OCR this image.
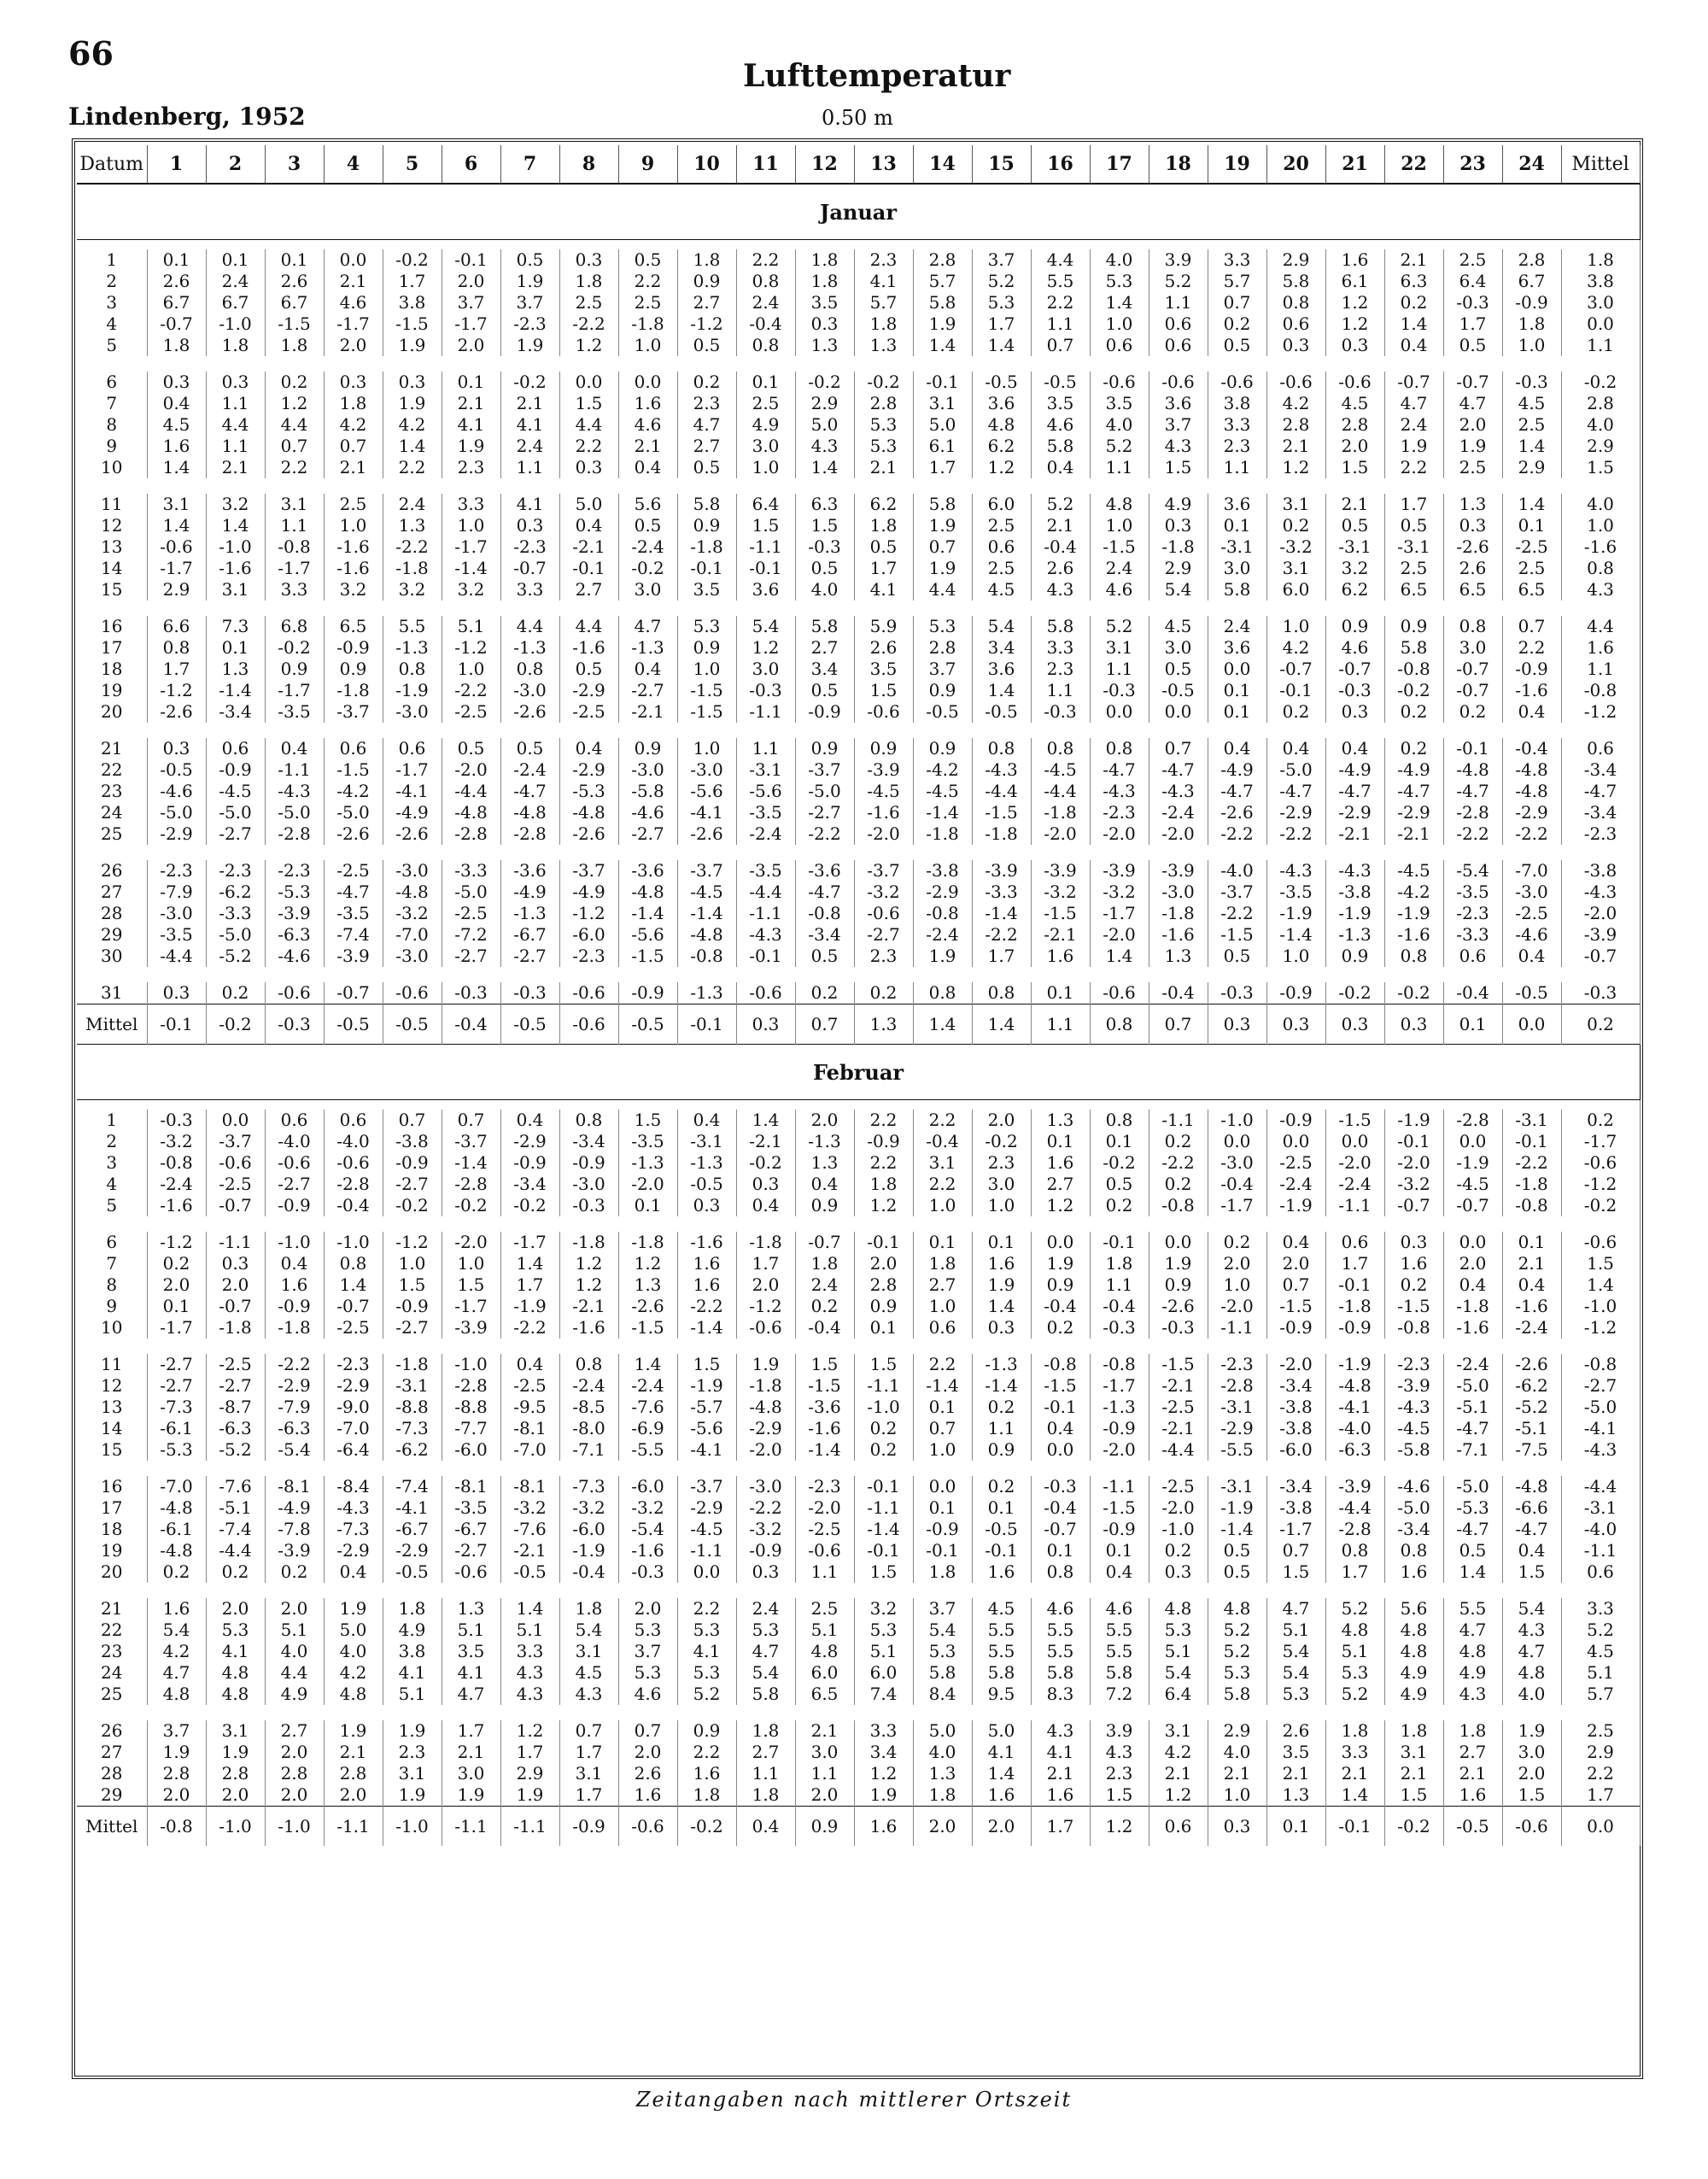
66
Lufttemperatur
Lindenberg, 1952	0.50 m
Datum	1	2	3	4	5	6	7	8	9	10	11	12	13	14	15	16	17	18	19	20	21	22	23	24	Mittel
Januar																									

1	0.1	0.1	0.1	0.0	-0.2	-0.1	0.5	0.3	0.5	1.8	2.2	1.8	2.3	2.8	3.7	4.4	4.0	3.9	3.3	2.9	1.6	2.1	2.5	2.8	1.8
2	2.6	2.4	2.6	2.1	1.7	2.0	1.9	1.8	2.2	0.9	0.8	1.8	4.1	5.7	5.2	5.5	5.3	5.2	5.7	5.8	6.1	6.3	6.4	6.7	3.8
3	6.7	6.7	6.7	4.6	3.8	3.7	3.7	2.5	2.5	2.7	2.4	3.5	5.7	5.8	5.3	2.2	1.4	1.1	0.7	0.8	1.2	0.2	-0.3	-0.9	3.0
4	-0.7	-1.0	-1.5	-1.7	-1.5	-1.7	-2.3	-2.2	-1.8	-1.2	-0.4	0.3	1.8	1.9	1.7	1.1	1.0	0.6	0.2	0.6	1.2	1.4	1.7	1.8	0.0
5	1.8	1.8	1.8	2.0	1.9	2.0	1.9	1.2	1.0	0.5	0.8	1.3	1.3	1.4	1.4	0.7	0.6	0.6	0.5	0.3	0.3	0.4	0.5	1.0	1.1

6	0.3	0.3	0.2	0.3	0.3	0.1	-0.2	0.0	0.0	0.2	0.1	-0.2	-0.2	-0.1	-0.5	-0.5	-0.6	-0.6	-0.6	-0.6	-0.6	-0.7	-0.7	-0.3	-0.2
7	0.4	1.1	1.2	1.8	1.9	2.1	2.1	1.5	1.6	2.3	2.5	2.9	2.8	3.1	3.6	3.5	3.5	3.6	3.8	4.2	4.5	4.7	4.7	4.5	2.8
8	4.5	4.4	4.4	4.2	4.2	4.1	4.1	4.4	4.6	4.7	4.9	5.0	5.3	5.0	4.8	4.6	4.0	3.7	3.3	2.8	2.8	2.4	2.0	2.5	4.0
9	1.6	1.1	0.7	0.7	1.4	1.9	2.4	2.2	2.1	2.7	3.0	4.3	5.3	6.1	6.2	5.8	5.2	4.3	2.3	2.1	2.0	1.9	1.9	1.4	2.9
10	1.4	2.1	2.2	2.1	2.2	2.3	1.1	0.3	0.4	0.5	1.0	1.4	2.1	1.7	1.2	0.4	1.1	1.5	1.1	1.2	1.5	2.2	2.5	2.9	1.5

11	3.1	3.2	3.1	2.5	2.4	3.3	4.1	5.0	5.6	5.8	6.4	6.3	6.2	5.8	6.0	5.2	4.8	4.9	3.6	3.1	2.1	1.7	1.3	1.4	4.0
12	1.4	1.4	1.1	1.0	1.3	1.0	0.3	0.4	0.5	0.9	1.5	1.5	1.8	1.9	2.5	2.1	1.0	0.3	0.1	0.2	0.5	0.5	0.3	0.1	1.0
13	-0.6	-1.0	-0.8	-1.6	-2.2	-1.7	-2.3	-2.1	-2.4	-1.8	-1.1	-0.3	0.5	0.7	0.6	-0.4	-1.5	-1.8	-3.1	-3.2	-3.1	-3.1	-2.6	-2.5	-1.6
14	-1.7	-1.6	-1.7	-1.6	-1.8	-1.4	-0.7	-0.1	-0.2	-0.1	-0.1	0.5	1.7	1.9	2.5	2.6	2.4	2.9	3.0	3.1	3.2	2.5	2.6	2.5	0.8
15	2.9	3.1	3.3	3.2	3.2	3.2	3.3	2.7	3.0	3.5	3.6	4.0	4.1	4.4	4.5	4.3	4.6	5.4	5.8	6.0	6.2	6.5	6.5	6.5	4.3

16	6.6	7.3	6.8	6.5	5.5	5.1	4.4	4.4	4.7	5.3	5.4	5.8	5.9	5.3	5.4	5.8	5.2	4.5	2.4	1.0	0.9	0.9	0.8	0.7	4.4
17	0.8	0.1	-0.2	-0.9	-1.3	-1.2	-1.3	-1.6	-1.3	0.9	1.2	2.7	2.6	2.8	3.4	3.3	3.1	3.0	3.6	4.2	4.6	5.8	3.0	2.2	1.6
18	1.7	1.3	0.9	0.9	0.8	1.0	0.8	0.5	0.4	1.0	3.0	3.4	3.5	3.7	3.6	2.3	1.1	0.5	0.0	-0.7	-0.7	-0.8	-0.7	-0.9	1.1
19	-1.2	-1.4	-1.7	-1.8	-1.9	-2.2	-3.0	-2.9	-2.7	-1.5	-0.3	0.5	1.5	0.9	1.4	1.1	-0.3	-0.5	0.1	-0.1	-0.3	-0.2	-0.7	-1.6	-0.8
20	-2.6	-3.4	-3.5	-3.7	-3.0	-2.5	-2.6	-2.5	-2.1	-1.5	-1.1	-0.9	-0.6	-0.5	-0.5	-0.3	0.0	0.0	0.1	0.2	0.3	0.2	0.2	0.4	-1.2

21	0.3	0.6	0.4	0.6	0.6	0.5	0.5	0.4	0.9	1.0	1.1	0.9	0.9	0.9	0.8	0.8	0.8	0.7	0.4	0.4	0.4	0.2	-0.1	-0.4	0.6
22	-0.5	-0.9	-1.1	-1.5	-1.7	-2.0	-2.4	-2.9	-3.0	-3.0	-3.1	-3.7	-3.9	-4.2	-4.3	-4.5	-4.7	-4.7	-4.9	-5.0	-4.9	-4.9	-4.8	-4.8	-3.4
23	-4.6	-4.5	-4.3	-4.2	-4.1	-4.4	-4.7	-5.3	-5.8	-5.6	-5.6	-5.0	-4.5	-4.5	-4.4	-4.4	-4.3	-4.3	-4.7	-4.7	-4.7	-4.7	-4.7	-4.8	-4.7
24	-5.0	-5.0	-5.0	-5.0	-4.9	-4.8	-4.8	-4.8	-4.6	-4.1	-3.5	-2.7	-1.6	-1.4	-1.5	-1.8	-2.3	-2.4	-2.6	-2.9	-2.9	-2.9	-2.8	-2.9	-3.4
25	-2.9	-2.7	-2.8	-2.6	-2.6	-2.8	-2.8	-2.6	-2.7	-2.6	-2.4	-2.2	-2.0	-1.8	-1.8	-2.0	-2.0	-2.0	-2.2	-2.2	-2.1	-2.1	-2.2	-2.2	-2.3

26	-2.3	-2.3	-2.3	-2.5	-3.0	-3.3	-3.6	-3.7	-3.6	-3.7	-3.5	-3.6	-3.7	-3.8	-3.9	-3.9	-3.9	-3.9	-4.0	-4.3	-4.3	-4.5	-5.4	-7.0	-3.8
27	-7.9	-6.2	-5.3	-4.7	-4.8	-5.0	-4.9	-4.9	-4.8	-4.5	-4.4	-4.7	-3.2	-2.9	-3.3	-3.2	-3.2	-3.0	-3.7	-3.5	-3.8	-4.2	-3.5	-3.0	-4.3
28	-3.0	-3.3	-3.9	-3.5	-3.2	-2.5	-1.3	-1.2	-1.4	-1.4	-1.1	-0.8	-0.6	-0.8	-1.4	-1.5	-1.7	-1.8	-2.2	-1.9	-1.9	-1.9	-2.3	-2.5	-2.0
29	-3.5	-5.0	-6.3	-7.4	-7.0	-7.2	-6.7	-6.0	-5.6	-4.8	-4.3	-3.4	-2.7	-2.4	-2.2	-2.1	-2.0	-1.6	-1.5	-1.4	-1.3	-1.6	-3.3	-4.6	-3.9
30	-4.4	-5.2	-4.6	-3.9	-3.0	-2.7	-2.7	-2.3	-1.5	-0.8	-0.1	0.5	2.3	1.9	1.7	1.6	1.4	1.3	0.5	1.0	0.9	0.8	0.6	0.4	-0.7

31	0.3	0.2	-0.6	-0.7	-0.6	-0.3	-0.3	-0.6	-0.9	-1.3	-0.6	0.2	0.2	0.8	0.8	0.1	-0.6	-0.4	-0.3	-0.9	-0.2	-0.2	-0.4	-0.5	-0.3
Mittel	-0.1	-0.2	-0.3	-0.5	-0.5	-0.4	-0.5	-0.6	-0.5	-0.1	0.3	0.7	1.3	1.4	1.4	1.1	0.8	0.7	0.3	0.3	0.3	0.3	0.1	0.0	0.2
Februar																									

1	-0.3	0.0	0.6	0.6	0.7	0.7	0.4	0.8	1.5	0.4	1.4	2.0	2.2	2.2	2.0	1.3	0.8	-1.1	-1.0	-0.9	-1.5	-1.9	-2.8	-3.1	0.2
2	-3.2	-3.7	-4.0	-4.0	-3.8	-3.7	-2.9	-3.4	-3.5	-3.1	-2.1	-1.3	-0.9	-0.4	-0.2	0.1	0.1	0.2	0.0	0.0	0.0	-0.1	0.0	-0.1	-1.7
3	-0.8	-0.6	-0.6	-0.6	-0.9	-1.4	-0.9	-0.9	-1.3	-1.3	-0.2	1.3	2.2	3.1	2.3	1.6	-0.2	-2.2	-3.0	-2.5	-2.0	-2.0	-1.9	-2.2	-0.6
4	-2.4	-2.5	-2.7	-2.8	-2.7	-2.8	-3.4	-3.0	-2.0	-0.5	0.3	0.4	1.8	2.2	3.0	2.7	0.5	0.2	-0.4	-2.4	-2.4	-3.2	-4.5	-1.8	-1.2
5	-1.6	-0.7	-0.9	-0.4	-0.2	-0.2	-0.2	-0.3	0.1	0.3	0.4	0.9	1.2	1.0	1.0	1.2	0.2	-0.8	-1.7	-1.9	-1.1	-0.7	-0.7	-0.8	-0.2

6	-1.2	-1.1	-1.0	-1.0	-1.2	-2.0	-1.7	-1.8	-1.8	-1.6	-1.8	-0.7	-0.1	0.1	0.1	0.0	-0.1	0.0	0.2	0.4	0.6	0.3	0.0	0.1	-0.6
7	0.2	0.3	0.4	0.8	1.0	1.0	1.4	1.2	1.2	1.6	1.7	1.8	2.0	1.8	1.6	1.9	1.8	1.9	2.0	2.0	1.7	1.6	2.0	2.1	1.5
8	2.0	2.0	1.6	1.4	1.5	1.5	1.7	1.2	1.3	1.6	2.0	2.4	2.8	2.7	1.9	0.9	1.1	0.9	1.0	0.7	-0.1	0.2	0.4	0.4	1.4
9	0.1	-0.7	-0.9	-0.7	-0.9	-1.7	-1.9	-2.1	-2.6	-2.2	-1.2	0.2	0.9	1.0	1.4	-0.4	-0.4	-2.6	-2.0	-1.5	-1.8	-1.5	-1.8	-1.6	-1.0
10	-1.7	-1.8	-1.8	-2.5	-2.7	-3.9	-2.2	-1.6	-1.5	-1.4	-0.6	-0.4	0.1	0.6	0.3	0.2	-0.3	-0.3	-1.1	-0.9	-0.9	-0.8	-1.6	-2.4	-1.2

11	-2.7	-2.5	-2.2	-2.3	-1.8	-1.0	0.4	0.8	1.4	1.5	1.9	1.5	1.5	2.2	-1.3	-0.8	-0.8	-1.5	-2.3	-2.0	-1.9	-2.3	-2.4	-2.6	-0.8
12	-2.7	-2.7	-2.9	-2.9	-3.1	-2.8	-2.5	-2.4	-2.4	-1.9	-1.8	-1.5	-1.1	-1.4	-1.4	-1.5	-1.7	-2.1	-2.8	-3.4	-4.8	-3.9	-5.0	-6.2	-2.7
13	-7.3	-8.7	-7.9	-9.0	-8.8	-8.8	-9.5	-8.5	-7.6	-5.7	-4.8	-3.6	-1.0	0.1	0.2	-0.1	-1.3	-2.5	-3.1	-3.8	-4.1	-4.3	-5.1	-5.2	-5.0
14	-6.1	-6.3	-6.3	-7.0	-7.3	-7.7	-8.1	-8.0	-6.9	-5.6	-2.9	-1.6	0.2	0.7	1.1	0.4	-0.9	-2.1	-2.9	-3.8	-4.0	-4.5	-4.7	-5.1	-4.1
15	-5.3	-5.2	-5.4	-6.4	-6.2	-6.0	-7.0	-7.1	-5.5	-4.1	-2.0	-1.4	0.2	1.0	0.9	0.0	-2.0	-4.4	-5.5	-6.0	-6.3	-5.8	-7.1	-7.5	-4.3

16	-7.0	-7.6	-8.1	-8.4	-7.4	-8.1	-8.1	-7.3	-6.0	-3.7	-3.0	-2.3	-0.1	0.0	0.2	-0.3	-1.1	-2.5	-3.1	-3.4	-3.9	-4.6	-5.0	-4.8	-4.4
17	-4.8	-5.1	-4.9	-4.3	-4.1	-3.5	-3.2	-3.2	-3.2	-2.9	-2.2	-2.0	-1.1	0.1	0.1	-0.4	-1.5	-2.0	-1.9	-3.8	-4.4	-5.0	-5.3	-6.6	-3.1
18	-6.1	-7.4	-7.8	-7.3	-6.7	-6.7	-7.6	-6.0	-5.4	-4.5	-3.2	-2.5	-1.4	-0.9	-0.5	-0.7	-0.9	-1.0	-1.4	-1.7	-2.8	-3.4	-4.7	-4.7	-4.0
19	-4.8	-4.4	-3.9	-2.9	-2.9	-2.7	-2.1	-1.9	-1.6	-1.1	-0.9	-0.6	-0.1	-0.1	-0.1	0.1	0.1	0.2	0.5	0.7	0.8	0.8	0.5	0.4	-1.1
20	0.2	0.2	0.2	0.4	-0.5	-0.6	-0.5	-0.4	-0.3	0.0	0.3	1.1	1.5	1.8	1.6	0.8	0.4	0.3	0.5	1.5	1.7	1.6	1.4	1.5	0.6

21	1.6	2.0	2.0	1.9	1.8	1.3	1.4	1.8	2.0	2.2	2.4	2.5	3.2	3.7	4.5	4.6	4.6	4.8	4.8	4.7	5.2	5.6	5.5	5.4	3.3
22	5.4	5.3	5.1	5.0	4.9	5.1	5.1	5.4	5.3	5.3	5.3	5.1	5.3	5.4	5.5	5.5	5.5	5.3	5.2	5.1	4.8	4.8	4.7	4.3	5.2
23	4.2	4.1	4.0	4.0	3.8	3.5	3.3	3.1	3.7	4.1	4.7	4.8	5.1	5.3	5.5	5.5	5.5	5.1	5.2	5.4	5.1	4.8	4.8	4.7	4.5
24	4.7	4.8	4.4	4.2	4.1	4.1	4.3	4.5	5.3	5.3	5.4	6.0	6.0	5.8	5.8	5.8	5.8	5.4	5.3	5.4	5.3	4.9	4.9	4.8	5.1
25	4.8	4.8	4.9	4.8	5.1	4.7	4.3	4.3	4.6	5.2	5.8	6.5	7.4	8.4	9.5	8.3	7.2	6.4	5.8	5.3	5.2	4.9	4.3	4.0	5.7

26	3.7	3.1	2.7	1.9	1.9	1.7	1.2	0.7	0.7	0.9	1.8	2.1	3.3	5.0	5.0	4.3	3.9	3.1	2.9	2.6	1.8	1.8	1.8	1.9	2.5
27	1.9	1.9	2.0	2.1	2.3	2.1	1.7	1.7	2.0	2.2	2.7	3.0	3.4	4.0	4.1	4.1	4.3	4.2	4.0	3.5	3.3	3.1	2.7	3.0	2.9
28	2.8	2.8	2.8	2.8	3.1	3.0	2.9	3.1	2.6	1.6	1.1	1.1	1.2	1.3	1.4	2.1	2.3	2.1	2.1	2.1	2.1	2.1	2.1	2.0	2.2
29	2.0	2.0	2.0	2.0	1.9	1.9	1.9	1.7	1.6	1.8	1.8	2.0	1.9	1.8	1.6	1.6	1.5	1.2	1.0	1.3	1.4	1.5	1.6	1.5	1.7
Mittel	-0.8	-1.0	-1.0	-1.1	-1.0	-1.1	-1.1	-0.9	-0.6	-0.2	0.4	0.9	1.6	2.0	2.0	1.7	1.2	0.6	0.3	0.1	-0.1	-0.2	-0.5	-0.6	0.0
Zeitangaben nach mittlerer Ortszeit
